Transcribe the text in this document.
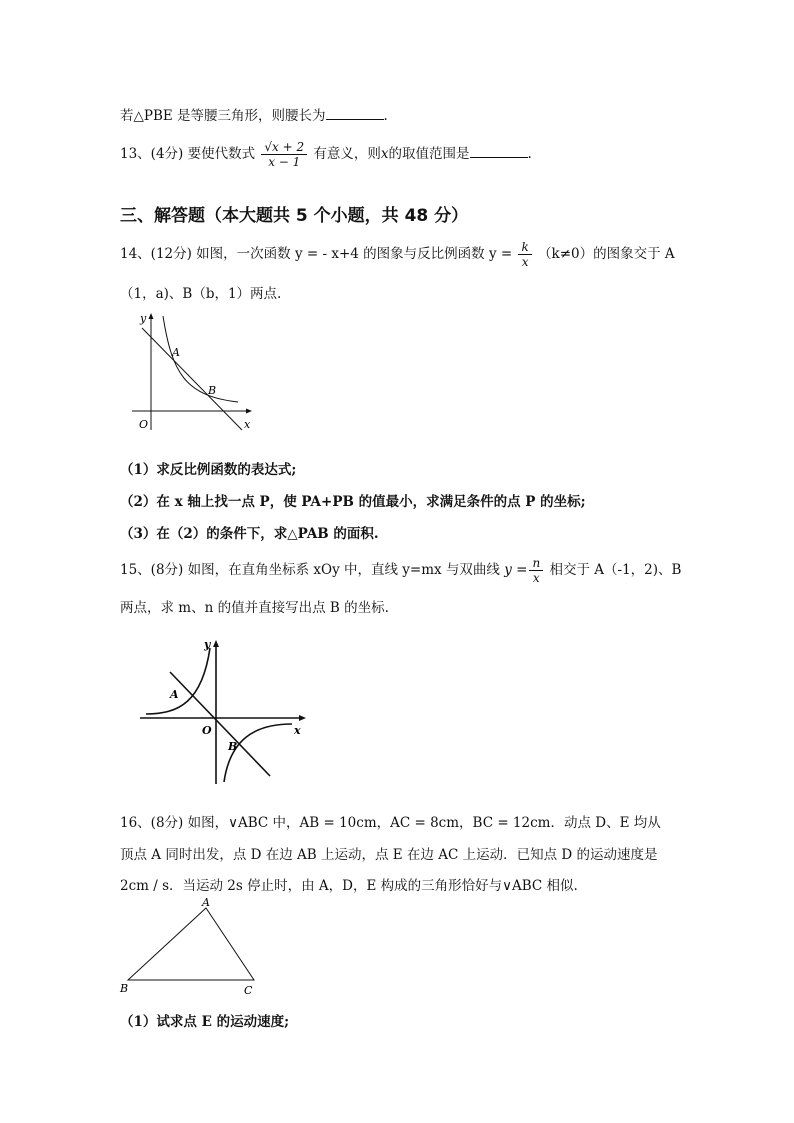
若△PBE 是等腰三角形，则腰长为	.
13、(4分) 要使代数式 $\frac{√x + 2}{x - 1}$ 有意义，则x的取值范围是	.
三、解答题（本大题共 5 个小题，共 48 分）
14、(12分) 如图，一次函数 y = - x+4 的图象与反比例函数 $y = \frac{k}{x} (k\ne 0)$的图象交于 A
（1，a)、B（b，1）两点.
y
x
O
A
B
（1）求反比例函数的表达式;
（2）在 x 轴上找一点 P，使 PA+PB 的值最小，求满足条件的点 P 的坐标;
（3）在（2）的条件下，求△PAB 的面积.
15、(8分) 如图，在直角坐标系 xOy 中，直线 y=mx 与双曲线 $y = \frac{n}{x}$ 相交于 A（-1，2)、B
两点，求 m、n 的值并直接写出点 B 的坐标.
y
x
O
A
B
16、(8分) 如图，∨ABC 中，AB = 10cm，AC = 8cm，BC = 12cm．动点 D、E 均从
顶点 A 同时出发，点 D 在边 AB 上运动，点 E 在边 AC 上运动．已知点 D 的运动速度是
2cm / s．当运动 2s 停止时，由 A，D，E 构成的三角形恰好与∨ABC 相似.
A
B	C
（1）试求点 E 的运动速度;
